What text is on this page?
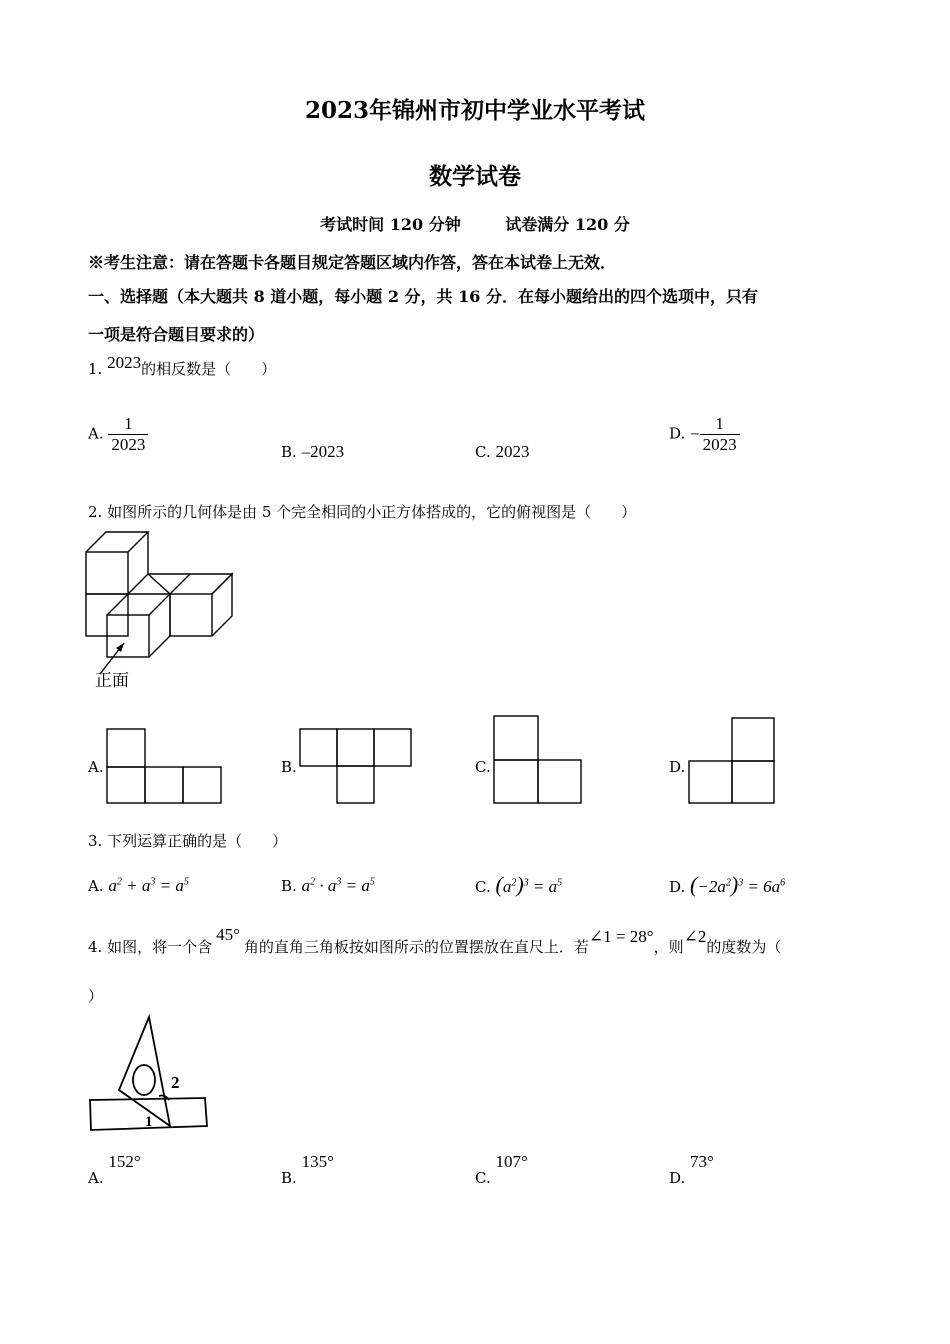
2023年锦州市初中学业水平考试
数学试卷
考试时间 120 分钟        试卷满分 120 分
※考生注意：请在答题卡各题目规定答题区域内作答，答在本试卷上无效．
一、选择题（本大题共 8 道小题，每小题 2 分，共 16 分．在每小题给出的四个选项中，只有
一项是符合题目要求的）
1. 2023的相反数是（　　）
A. $\frac{1}{2023}$	B. –2023	C. 2023
D. − $\frac{1}{2023}$
2. 如图所示的几何体是由 5 个完全相同的小正方体搭成的，它的俯视图是（　　）
正面
A.	B.	C.	D.
3. 下列运算正确的是（　　）
A. $a^2 + a^3 = a^5$	B. $a^2 \cdot a^3 = a^5$	C. $(a^2)^3 = a^5$	D. $(-2a^2)^3 = 6a^6$
4. 如图，将一个含45°角的直角三角板按如图所示的位置摆放在直尺上．若∠1 = 28°，则∠2的度数为（
）
2
1
A. 152°
B. 135°
C. 107°
D. 73°
